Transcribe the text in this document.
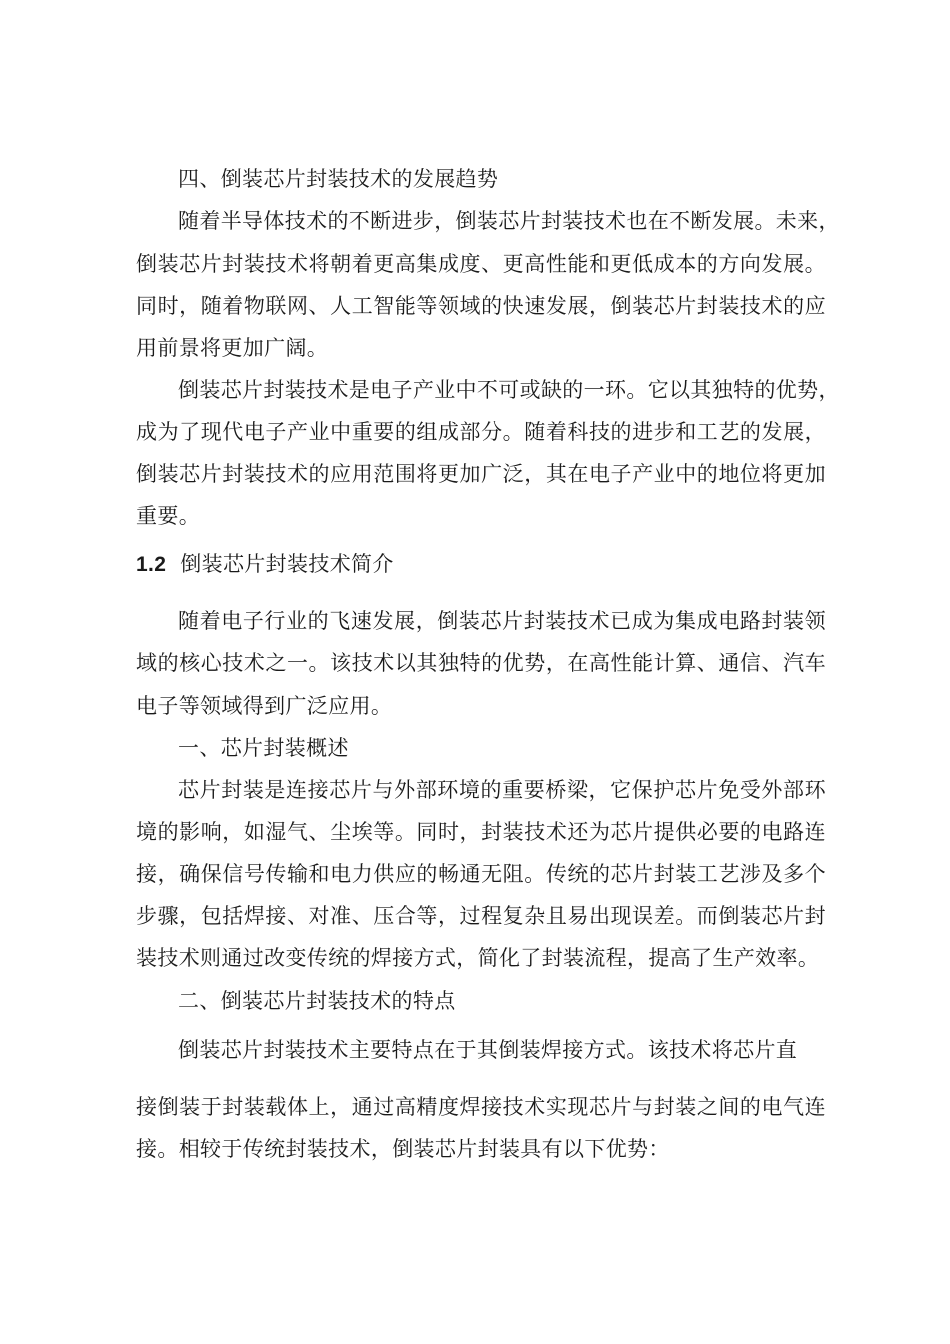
四、倒装芯片封装技术的发展趋势
随着半导体技术的不断进步，倒装芯片封装技术也在不断发展。未来，
倒装芯片封装技术将朝着更高集成度、更高性能和更低成本的方向发展。
同时，随着物联网、人工智能等领域的快速发展，倒装芯片封装技术的应
用前景将更加广阔。
倒装芯片封装技术是电子产业中不可或缺的一环。它以其独特的优势，
成为了现代电子产业中重要的组成部分。随着科技的进步和工艺的发展，
倒装芯片封装技术的应用范围将更加广泛，其在电子产业中的地位将更加
重要。
1.2 倒装芯片封装技术简介
随着电子行业的飞速发展，倒装芯片封装技术已成为集成电路封装领
域的核心技术之一。该技术以其独特的优势，在高性能计算、通信、汽车
电子等领域得到广泛应用。
一、芯片封装概述
芯片封装是连接芯片与外部环境的重要桥梁，它保护芯片免受外部环
境的影响，如湿气、尘埃等。同时，封装技术还为芯片提供必要的电路连
接，确保信号传输和电力供应的畅通无阻。传统的芯片封装工艺涉及多个
步骤，包括焊接、对准、压合等，过程复杂且易出现误差。而倒装芯片封
装技术则通过改变传统的焊接方式，简化了封装流程，提高了生产效率。
二、倒装芯片封装技术的特点
倒装芯片封装技术主要特点在于其倒装焊接方式。该技术将芯片直
接倒装于封装载体上，通过高精度焊接技术实现芯片与封装之间的电气连
接。相较于传统封装技术，倒装芯片封装具有以下优势：
